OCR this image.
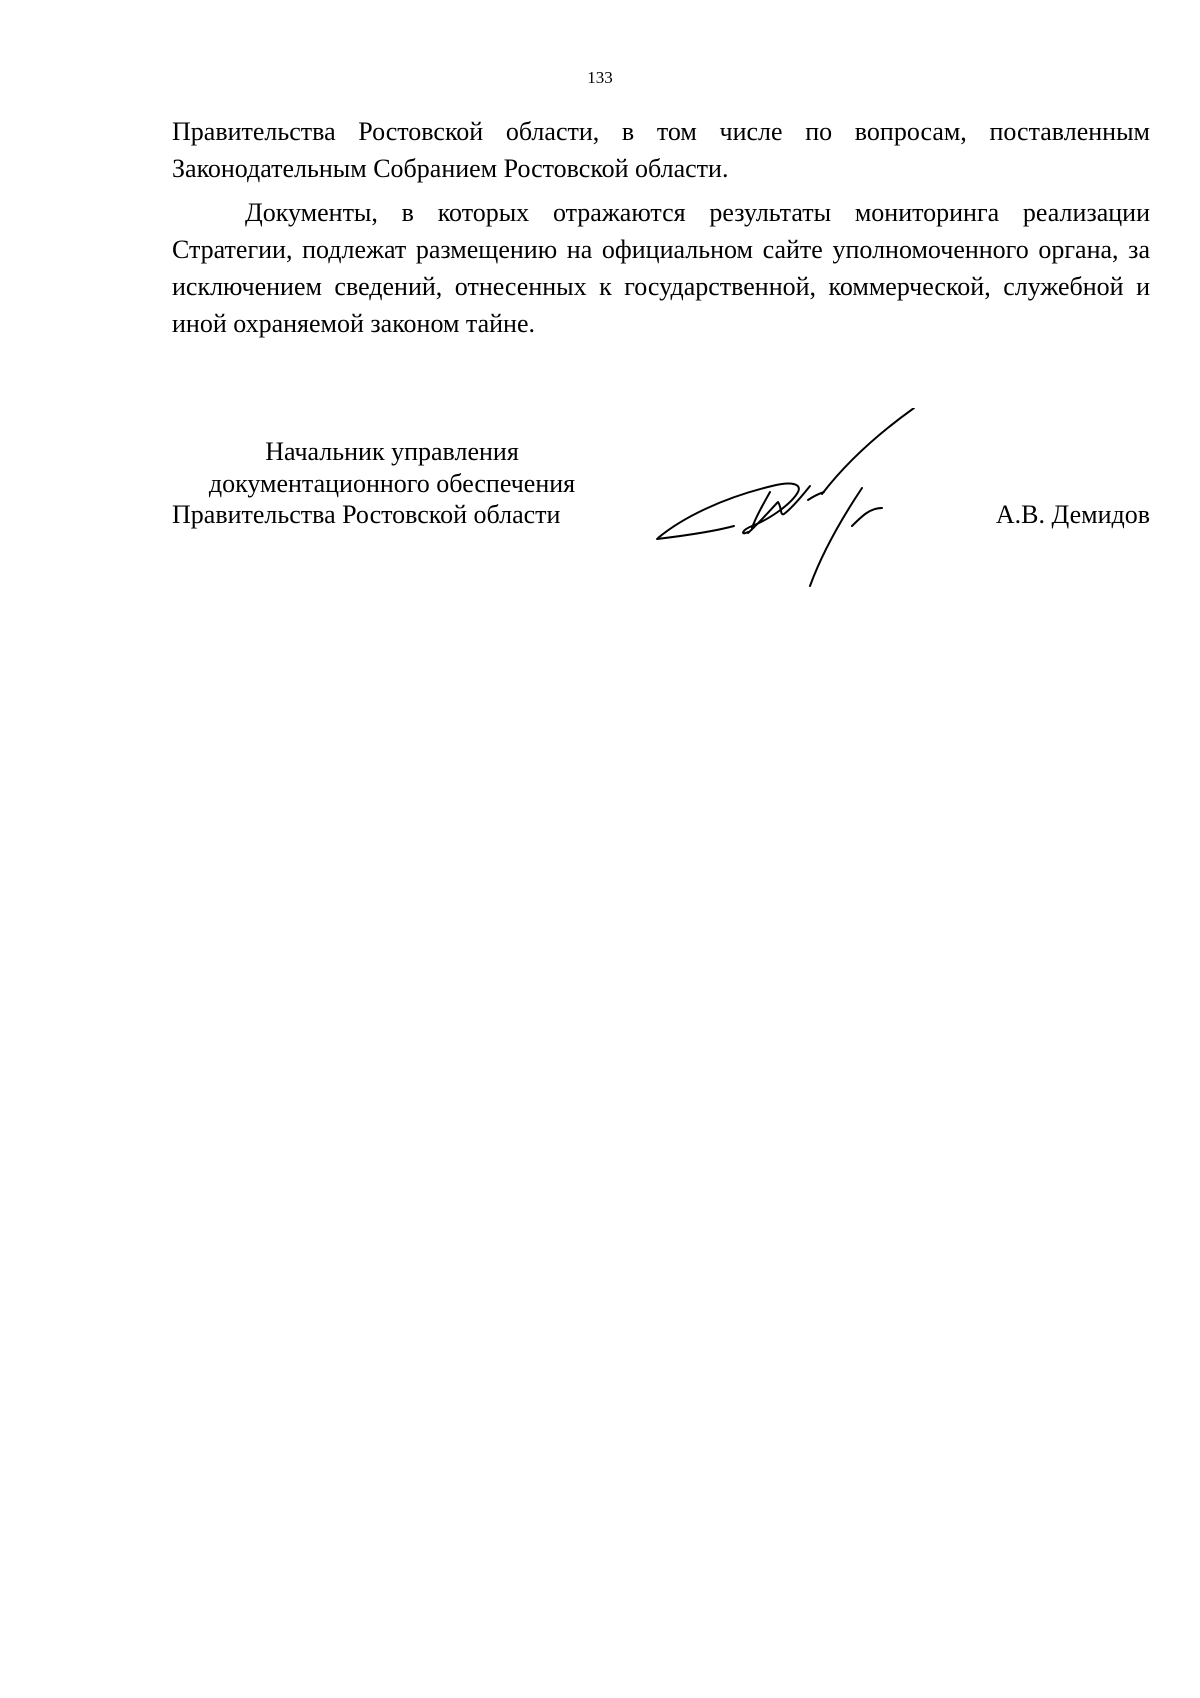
133

Правительства Ростовской области, в том числе по вопросам, поставленным Законодательным Собранием Ростовской области.

Документы, в которых отражаются результаты мониторинга реализации Стратегии, подлежат размещению на официальном сайте уполномоченного органа, за исключением сведений, отнесенных к государственной, коммерческой, служебной и иной охраняемой законом тайне.

Начальник управления
документационного обеспечения
Правительства Ростовской области	А.В. Демидов
